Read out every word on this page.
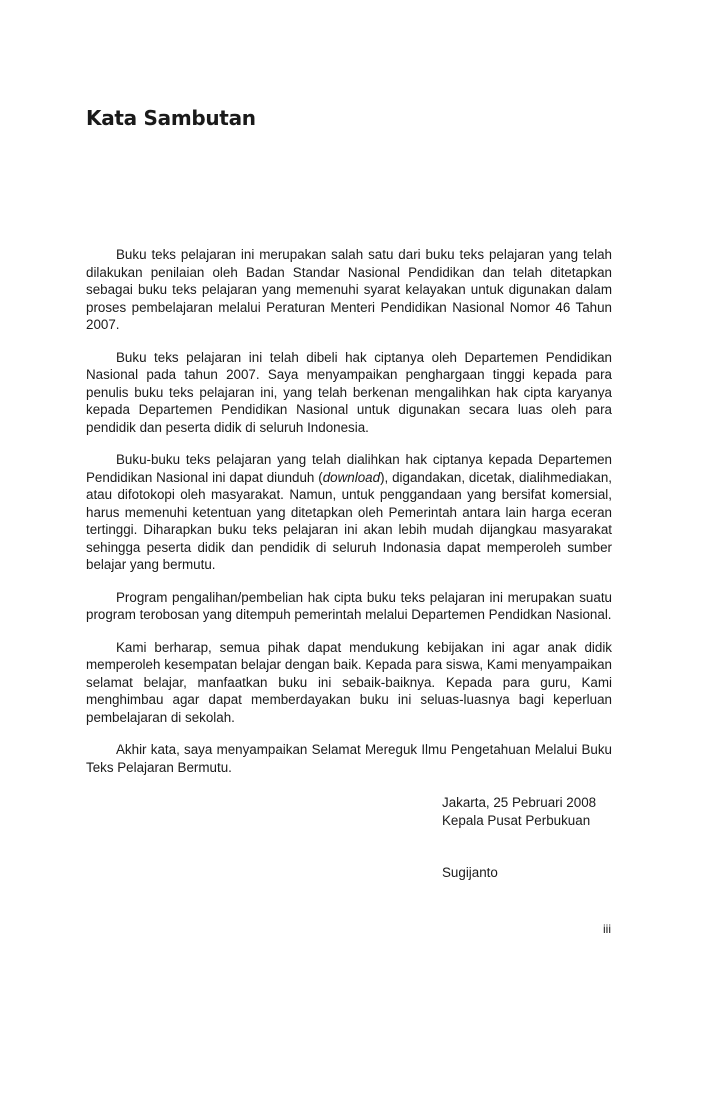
Kata Sambutan

Buku teks pelajaran ini merupakan salah satu dari buku teks pelajaran yang telah dilakukan penilaian oleh Badan Standar Nasional Pendidikan dan telah ditetapkan sebagai buku teks pelajaran yang memenuhi syarat kelayakan untuk digunakan dalam proses pembelajaran melalui Peraturan Menteri Pendidikan Nasional Nomor 46 Tahun 2007.

Buku teks pelajaran ini telah dibeli hak ciptanya oleh Departemen Pendidikan Nasional pada tahun 2007. Saya menyampaikan penghargaan tinggi kepada para penulis buku teks pelajaran ini, yang telah berkenan mengalihkan hak cipta karyanya kepada Departemen Pendidikan Nasional untuk digunakan secara luas oleh para pendidik dan peserta didik di seluruh Indonesia.

Buku-buku teks pelajaran yang telah dialihkan hak ciptanya kepada Departemen Pendidikan Nasional ini dapat diunduh (download), digandakan, dicetak, dialihmediakan, atau difotokopi oleh masyarakat. Namun, untuk penggandaan yang bersifat komersial, harus memenuhi ketentuan yang ditetapkan oleh Pemerintah antara lain harga eceran tertinggi. Diharapkan buku teks pelajaran ini akan lebih mudah dijangkau masyarakat sehingga peserta didik dan pendidik di seluruh Indonasia dapat memperoleh sumber belajar yang bermutu.

Program pengalihan/pembelian hak cipta buku teks pelajaran ini merupakan suatu program terobosan yang ditempuh pemerintah melalui Departemen Pendidkan Nasional.

Kami berharap, semua pihak dapat mendukung kebijakan ini agar anak didik memperoleh kesempatan belajar dengan baik. Kepada para siswa, Kami menyampaikan selamat belajar, manfaatkan buku ini sebaik-baiknya. Kepada para guru, Kami menghimbau agar dapat memberdayakan buku ini seluas-luasnya bagi keperluan pembelajaran di sekolah.

Akhir kata, saya menyampaikan Selamat Mereguk Ilmu Pengetahuan Melalui Buku Teks Pelajaran Bermutu.

Jakarta, 25 Pebruari 2008
Kepala Pusat Perbukuan
Sugijanto
iii
